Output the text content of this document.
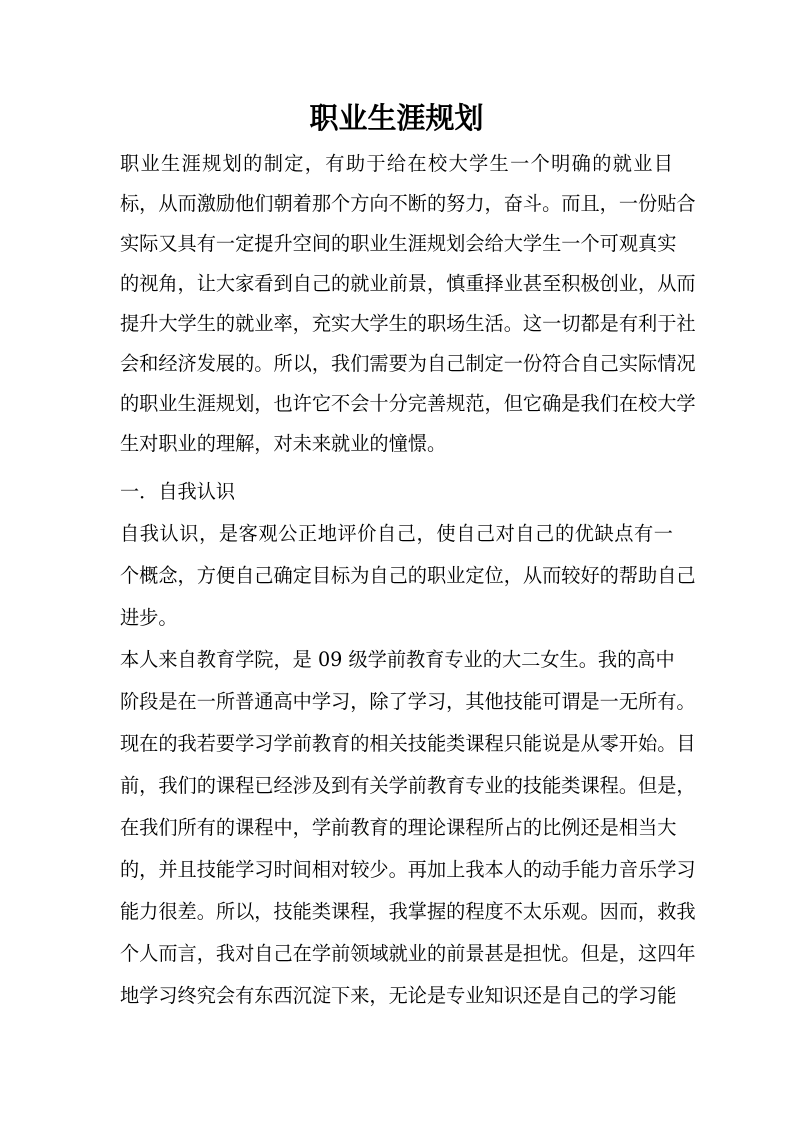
职业生涯规划
职业生涯规划的制定，有助于给在校大学生一个明确的就业目
标，从而激励他们朝着那个方向不断的努力，奋斗。而且，一份贴合
实际又具有一定提升空间的职业生涯规划会给大学生一个可观真实
的视角，让大家看到自己的就业前景，慎重择业甚至积极创业，从而
提升大学生的就业率，充实大学生的职场生活。这一切都是有利于社
会和经济发展的。所以，我们需要为自己制定一份符合自己实际情况
的职业生涯规划，也许它不会十分完善规范，但它确是我们在校大学
生对职业的理解，对未来就业的憧憬。
一．自我认识
自我认识，是客观公正地评价自己，使自己对自己的优缺点有一
个概念，方便自己确定目标为自己的职业定位，从而较好的帮助自己
进步。
本人来自教育学院，是 09 级学前教育专业的大二女生。我的高中
阶段是在一所普通高中学习，除了学习，其他技能可谓是一无所有。
现在的我若要学习学前教育的相关技能类课程只能说是从零开始。目
前，我们的课程已经涉及到有关学前教育专业的技能类课程。但是，
在我们所有的课程中，学前教育的理论课程所占的比例还是相当大
的，并且技能学习时间相对较少。再加上我本人的动手能力音乐学习
能力很差。所以，技能类课程，我掌握的程度不太乐观。因而，救我
个人而言，我对自己在学前领域就业的前景甚是担忧。但是，这四年
地学习终究会有东西沉淀下来，无论是专业知识还是自己的学习能
